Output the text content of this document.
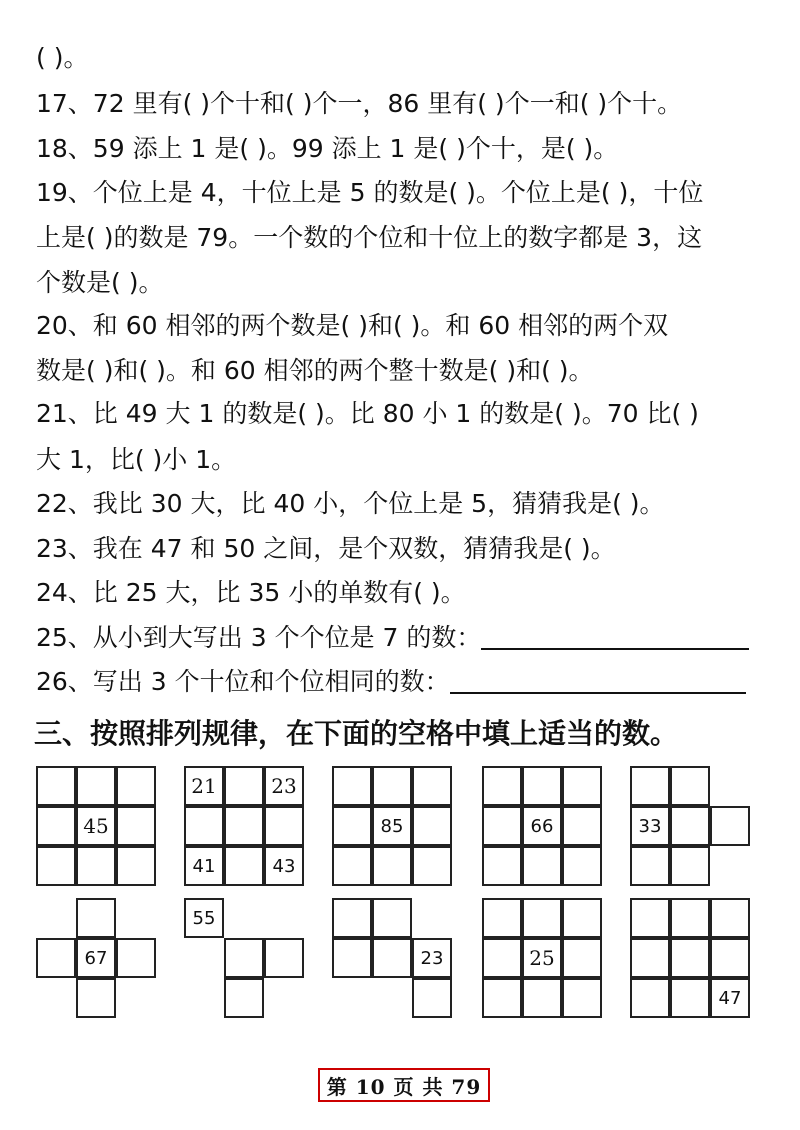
( )。
17、72 里有( )个十和( )个一，86 里有( )个一和( )个十。
18、59 添上 1 是( )。99 添上 1 是( )个十，是( )。
19、个位上是 4，十位上是 5 的数是( )。个位上是( )，十位
上是( )的数是 79。一个数的个位和十位上的数字都是 3，这
个数是( )。
20、和 60 相邻的两个数是( )和( )。和 60 相邻的两个双
数是( )和( )。和 60 相邻的两个整十数是( )和( )。
21、比 49 大 1 的数是( )。比 80 小 1 的数是( )。70 比( )
大 1，比( )小 1。
22、我比 30 大，比 40 小，个位上是 5，猜猜我是( )。
23、我在 47 和 50 之间，是个双数，猜猜我是( )。
24、比 25 大，比 35 小的单数有( )。
25、从小到大写出 3 个个位是 7 的数：
26、写出 3 个十位和个位相同的数：
三、按照排列规律，在下面的空格中填上适当的数。
45
21	23
41	43
85	66	33
67
55
23	25
47
第 10 页 共 79
